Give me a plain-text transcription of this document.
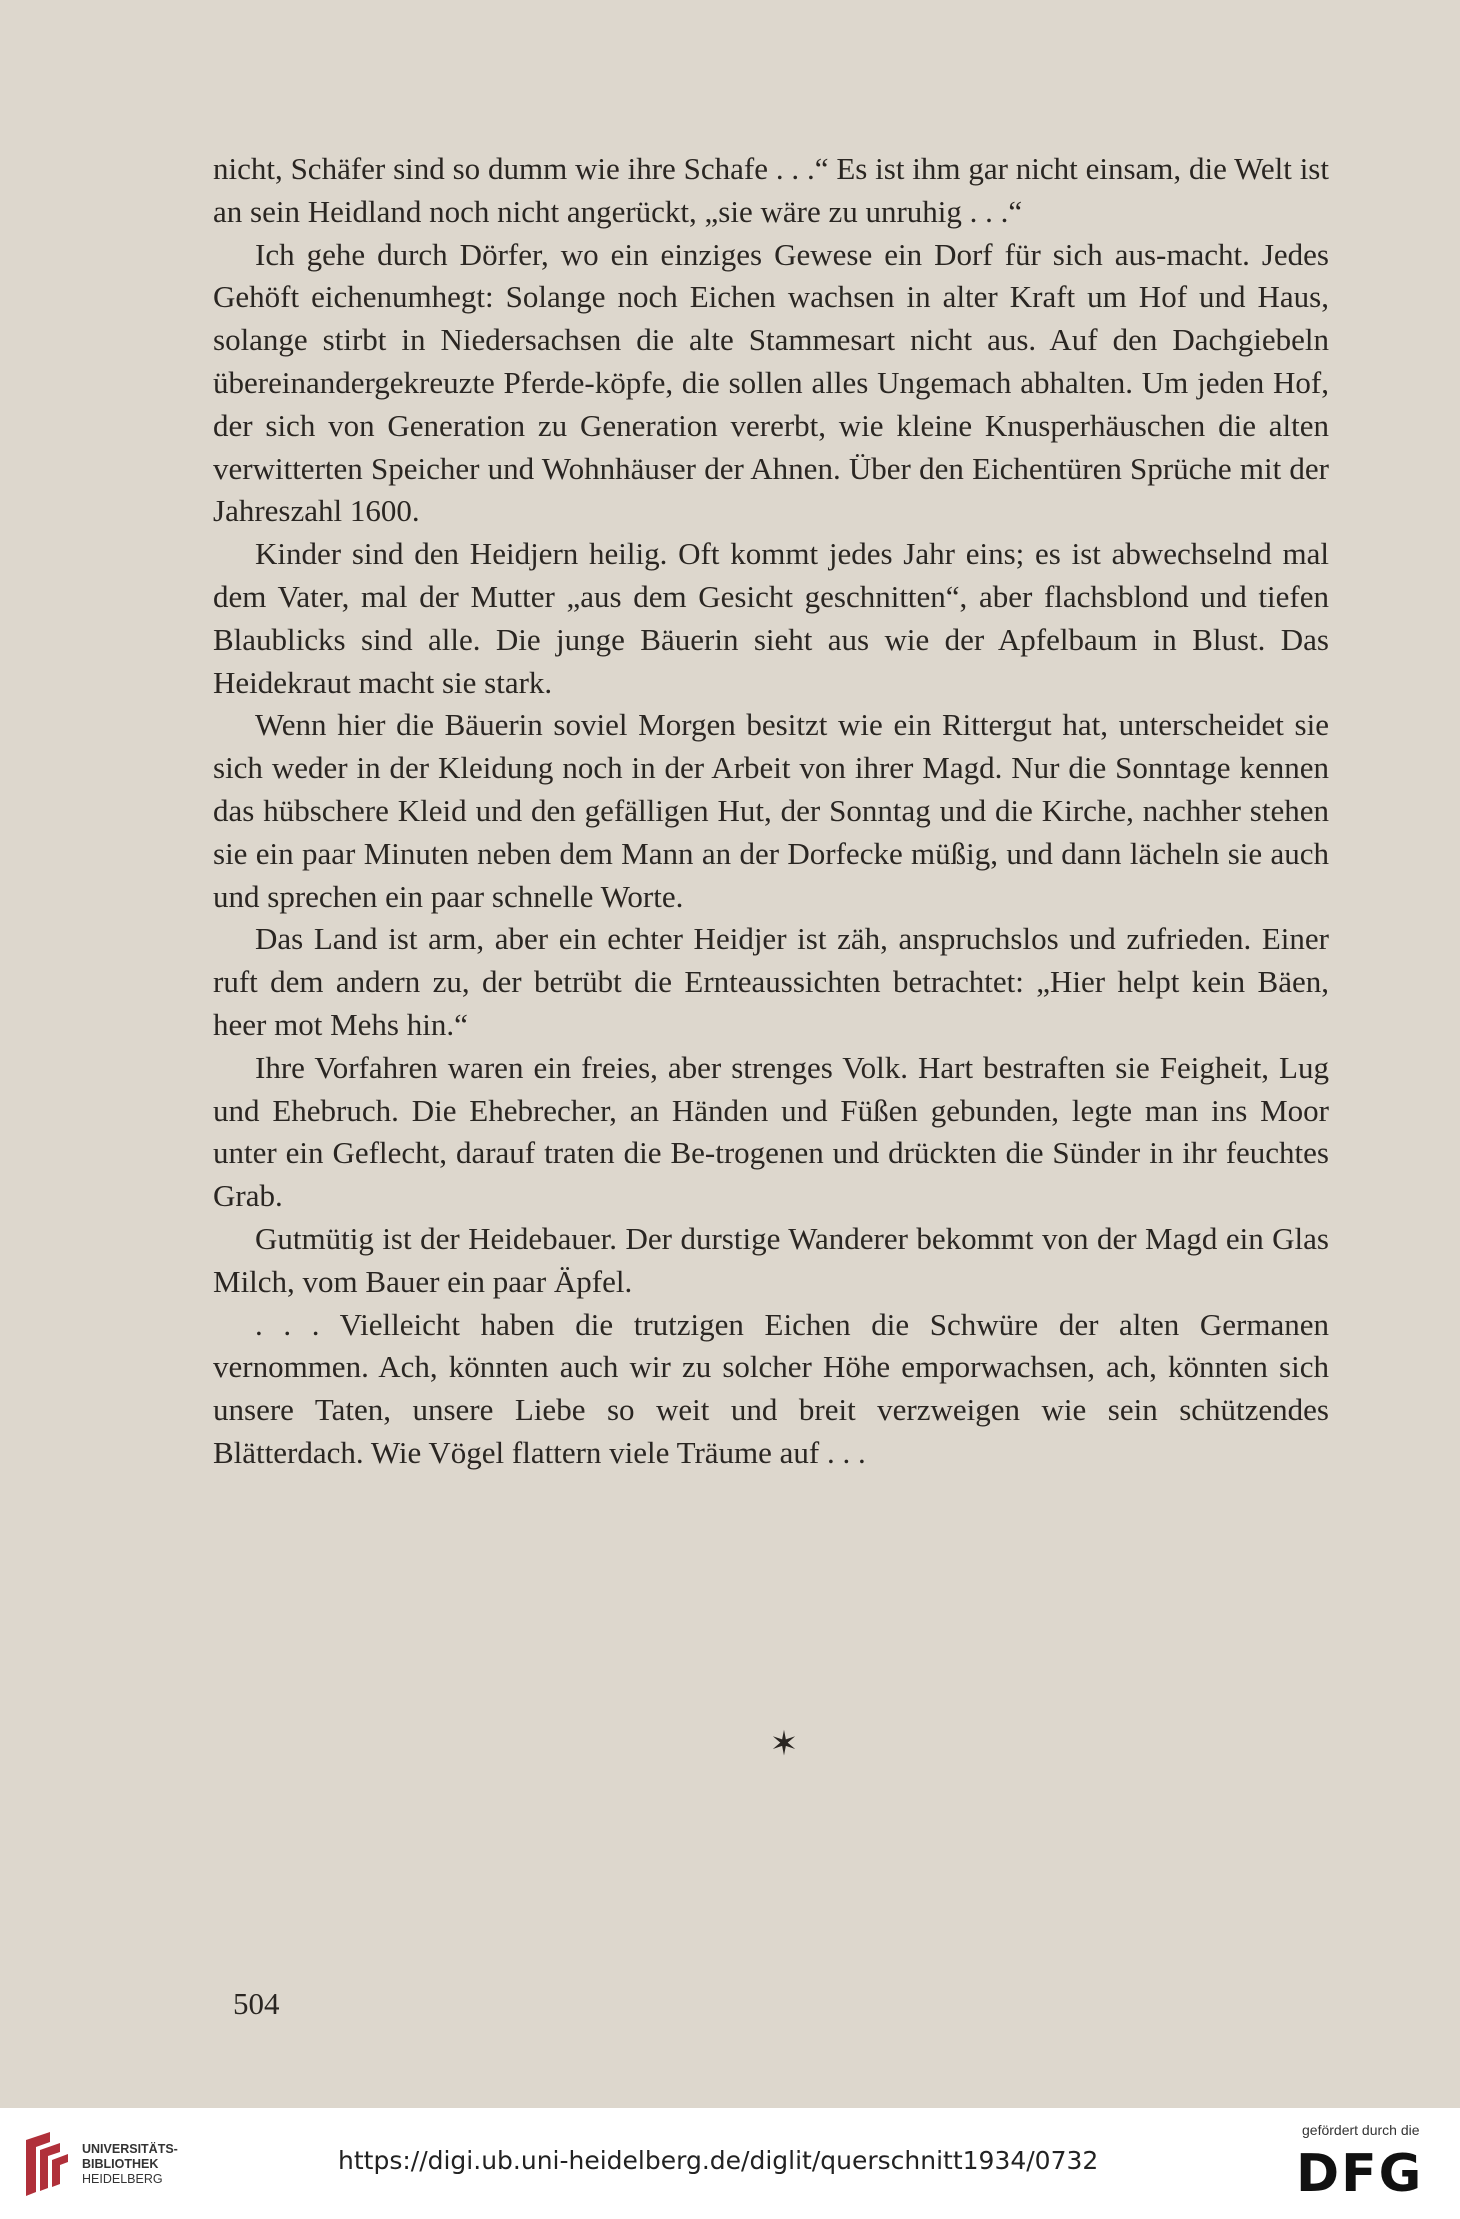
nicht, Schäfer sind so dumm wie ihre Schafe . . .“ Es ist ihm gar nicht einsam, die Welt ist an sein Heidland noch nicht angerückt, „sie wäre zu unruhig . . .“

Ich gehe durch Dörfer, wo ein einziges Gewese ein Dorf für sich aus-macht. Jedes Gehöft eichenumhegt: Solange noch Eichen wachsen in alter Kraft um Hof und Haus, solange stirbt in Niedersachsen die alte Stammesart nicht aus. Auf den Dachgiebeln übereinandergekreuzte Pferde-köpfe, die sollen alles Ungemach abhalten. Um jeden Hof, der sich von Generation zu Generation vererbt, wie kleine Knusperhäuschen die alten verwitterten Speicher und Wohnhäuser der Ahnen. Über den Eichentüren Sprüche mit der Jahreszahl 1600.

Kinder sind den Heidjern heilig. Oft kommt jedes Jahr eins; es ist abwechselnd mal dem Vater, mal der Mutter „aus dem Gesicht geschnitten“, aber flachsblond und tiefen Blaublicks sind alle. Die junge Bäuerin sieht aus wie der Apfelbaum in Blust. Das Heidekraut macht sie stark.

Wenn hier die Bäuerin soviel Morgen besitzt wie ein Rittergut hat, unterscheidet sie sich weder in der Kleidung noch in der Arbeit von ihrer Magd. Nur die Sonntage kennen das hübschere Kleid und den gefälligen Hut, der Sonntag und die Kirche, nachher stehen sie ein paar Minuten neben dem Mann an der Dorfecke müßig, und dann lächeln sie auch und sprechen ein paar schnelle Worte.

Das Land ist arm, aber ein echter Heidjer ist zäh, anspruchslos und zufrieden. Einer ruft dem andern zu, der betrübt die Ernteaussichten betrachtet: „Hier helpt kein Bäen, heer mot Mehs hin.“

Ihre Vorfahren waren ein freies, aber strenges Volk. Hart bestraften sie Feigheit, Lug und Ehebruch. Die Ehebrecher, an Händen und Füßen gebunden, legte man ins Moor unter ein Geflecht, darauf traten die Be-trogenen und drückten die Sünder in ihr feuchtes Grab.

Gutmütig ist der Heidebauer. Der durstige Wanderer bekommt von der Magd ein Glas Milch, vom Bauer ein paar Äpfel.

. . . Vielleicht haben die trutzigen Eichen die Schwüre der alten Germanen vernommen. Ach, könnten auch wir zu solcher Höhe emporwachsen, ach, könnten sich unsere Taten, unsere Liebe so weit und breit verzweigen wie sein schützendes Blätterdach. Wie Vögel flattern viele Träume auf . . .

✶
504
UNIVERSITÄTS-
BIBLIOTHEK
HEIDELBERG
https://digi.ub.uni-heidelberg.de/diglit/querschnitt1934/0732
gefördert durch die
DFG
